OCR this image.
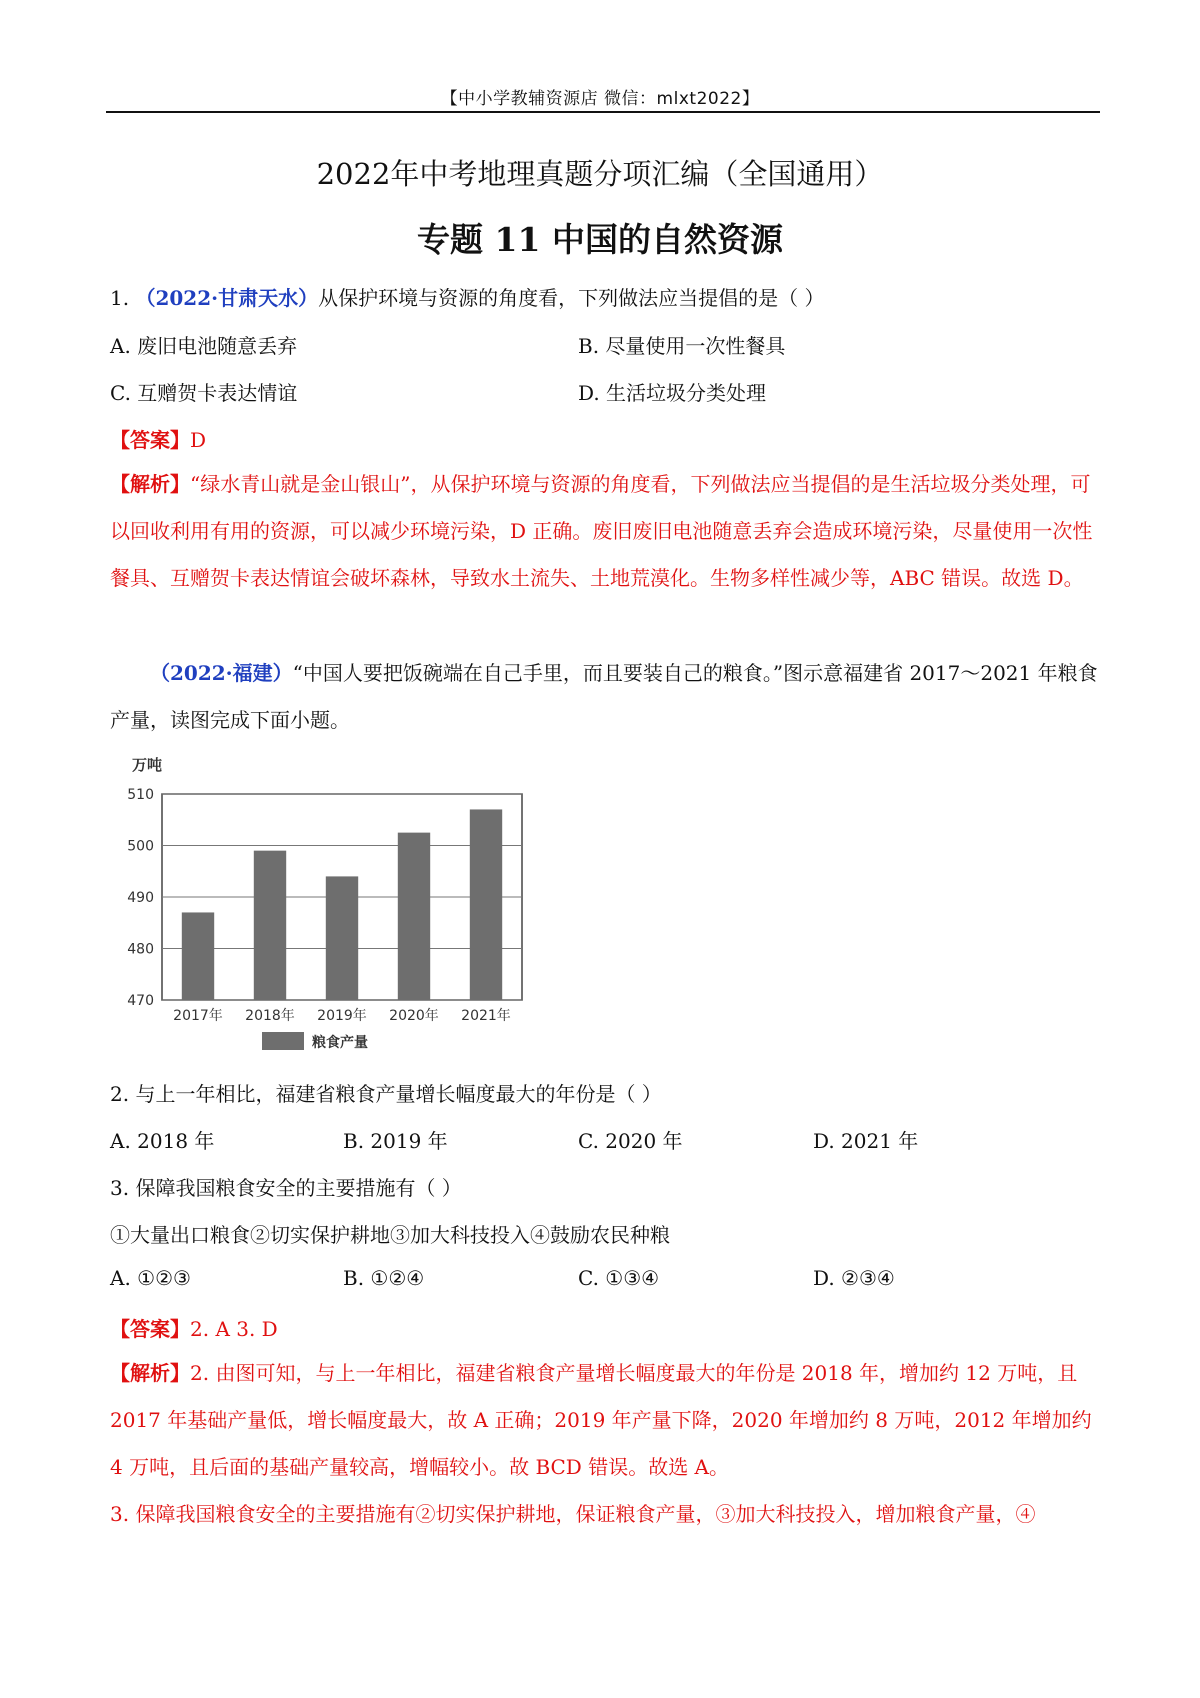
【中小学教辅资源店 微信：mlxt2022】
2022年中考地理真题分项汇编（全国通用）
专题 11 中国的自然资源
1. （2022·甘肃天水）从保护环境与资源的角度看，下列做法应当提倡的是（ ）
A. 废旧电池随意丢弃	B. 尽量使用一次性餐具
C. 互赠贺卡表达情谊	D. 生活垃圾分类处理
【答案】D
【解析】“绿水青山就是金山银山”，从保护环境与资源的角度看，下列做法应当提倡的是生活垃圾分类处理，可以回收利用有用的资源，可以减少环境污染，D 正确。废旧废旧电池随意丢弃会造成环境污染，尽量使用一次性餐具、互赠贺卡表达情谊会破坏森林，导致水土流失、土地荒漠化。生物多样性减少等，ABC 错误。故选 D。
（2022·福建）“中国人要把饭碗端在自己手里，而且要装自己的粮食。”图示意福建省 2017～2021 年粮食产量，读图完成下面小题。
万吨
470
480
490
500
510
2017年 2018年 2019年 2020年 2021年
粮食产量
2. 与上一年相比，福建省粮食产量增长幅度最大的年份是（ ）
A. 2018 年	B. 2019 年	C. 2020 年	D. 2021 年
3. 保障我国粮食安全的主要措施有（ ）
①大量出口粮食②切实保护耕地③加大科技投入④鼓励农民种粮
A. ①②③	B. ①②④	C. ①③④	D. ②③④
【答案】2. A 3. D
【解析】2. 由图可知，与上一年相比，福建省粮食产量增长幅度最大的年份是 2018 年，增加约 12 万吨，且 2017 年基础产量低，增长幅度最大，故 A 正确；2019 年产量下降，2020 年增加约 8 万吨，2012 年增加约 4 万吨，且后面的基础产量较高，增幅较小。故 BCD 错误。故选 A。
3. 保障我国粮食安全的主要措施有②切实保护耕地，保证粮食产量，③加大科技投入，增加粮食产量，④
